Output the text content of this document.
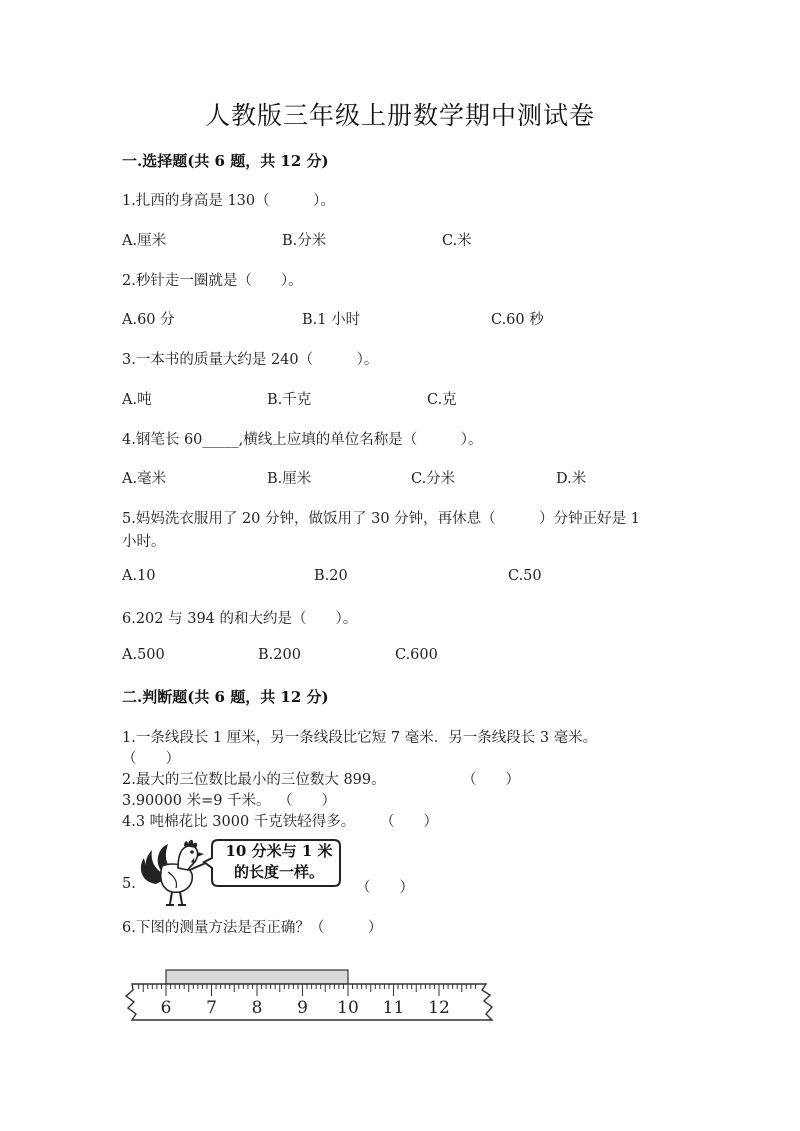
人教版三年级上册数学期中测试卷
一.选择题(共 6 题，共 12 分)
1.扎西的身高是 130（　　　）。
A.厘米	B.分米	C.米
2.秒针走一圈就是（　　）。
A.60 分	B.1 小时	C.60 秒
3.一本书的质量大约是 240（　　　）。
A.吨	B.千克	C.克
4.钢笔长 60_____,横线上应填的单位名称是（　　　）。
A.毫米	B.厘米	C.分米	D.米
5.妈妈洗衣服用了 20 分钟，做饭用了 30 分钟，再休息（　　　）分钟正好是 1
小时。
A.10	B.20	C.50
6.202 与 394 的和大约是（　　）。
A.500	B.200	C.600
二.判断题(共 6 题，共 12 分)
1.一条线段长 1 厘米，另一条线段比它短 7 毫米．另一条线段长 3 毫米。
（　　）
2.最大的三位数比最小的三位数大 899。	（　　）
3.90000 米=9 千米。 （　　）
4.3 吨棉花比 3000 千克铁轻得多。 （　　）
5.
10 分米与 1 米
的长度一样。
（　　）
6.下图的测量方法是否正确？（　　　）
6 7 8 9 10 11 12
